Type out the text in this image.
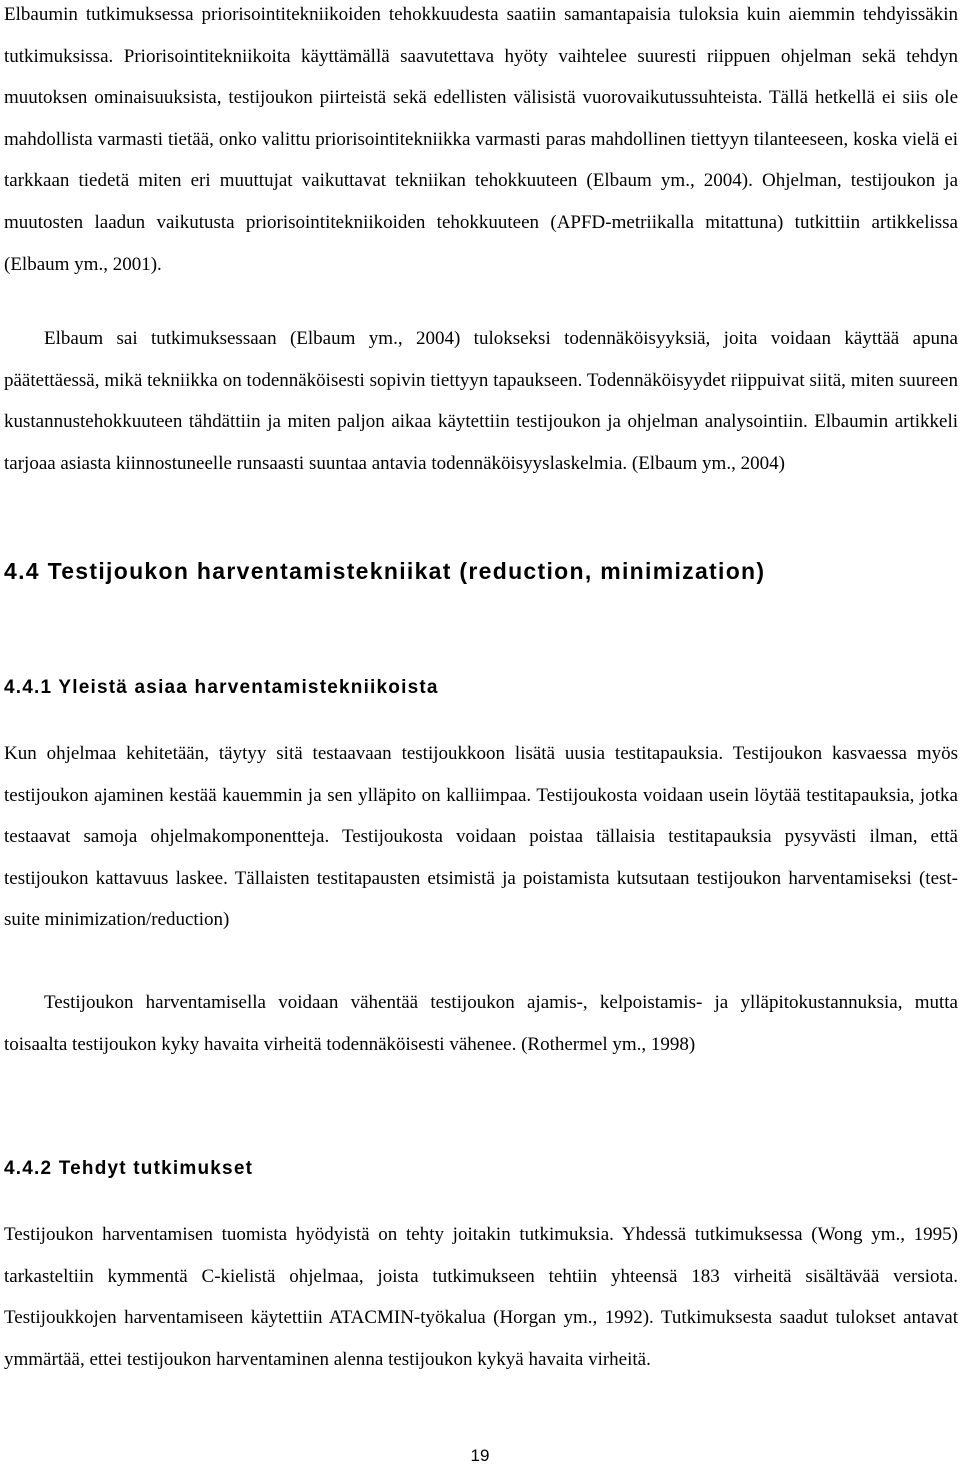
Elbaumin tutkimuksessa priorisointitekniikoiden tehokkuudesta saatiin samantapaisia tuloksia kuin aiemmin tehdyissäkin tutkimuksissa. Priorisointitekniikoita käyttämällä saavutettava hyöty vaihtelee suuresti riippuen ohjelman sekä tehdyn muutoksen ominaisuuksista, testijoukon piirteistä sekä edellisten välisistä vuorovaikutussuhteista. Tällä hetkellä ei siis ole mahdollista varmasti tietää, onko valittu priorisointitekniikka varmasti paras mahdollinen tiettyyn tilanteeseen, koska vielä ei tarkkaan tiedetä miten eri muuttujat vaikuttavat tekniikan tehokkuuteen (Elbaum ym., 2004). Ohjelman, testijoukon ja muutosten laadun vaikutusta priorisointitekniikoiden tehokkuuteen (APFD-metriikalla mitattuna) tutkittiin artikkelissa (Elbaum ym., 2001).

Elbaum sai tutkimuksessaan (Elbaum ym., 2004) tulokseksi todennäköisyyksiä, joita voidaan käyttää apuna päätettäessä, mikä tekniikka on todennäköisesti sopivin tiettyyn tapaukseen. Todennäköisyydet riippuivat siitä, miten suureen kustannustehokkuuteen tähdättiin ja miten paljon aikaa käytettiin testijoukon ja ohjelman analysointiin. Elbaumin artikkeli tarjoaa asiasta kiinnostuneelle runsaasti suuntaa antavia todennäköisyyslaskelmia. (Elbaum ym., 2004)

4.4 Testijoukon harventamistekniikat (reduction, minimization)
4.4.1 Yleistä asiaa harventamistekniikoista

Kun ohjelmaa kehitetään, täytyy sitä testaavaan testijoukkoon lisätä uusia testitapauksia. Testijoukon kasvaessa myös testijoukon ajaminen kestää kauemmin ja sen ylläpito on kalliimpaa. Testijoukosta voidaan usein löytää testitapauksia, jotka testaavat samoja ohjelmakomponentteja. Testijoukosta voidaan poistaa tällaisia testitapauksia pysyvästi ilman, että testijoukon kattavuus laskee. Tällaisten testitapausten etsimistä ja poistamista kutsutaan testijoukon harventamiseksi (test-suite minimization/reduction)

Testijoukon harventamisella voidaan vähentää testijoukon ajamis-, kelpoistamis- ja ylläpitokustannuksia, mutta toisaalta testijoukon kyky havaita virheitä todennäköisesti vähenee. (Rothermel ym., 1998)

4.4.2 Tehdyt tutkimukset

Testijoukon harventamisen tuomista hyödyistä on tehty joitakin tutkimuksia. Yhdessä tutkimuksessa (Wong ym., 1995) tarkasteltiin kymmentä C-kielistä ohjelmaa, joista tutkimukseen tehtiin yhteensä 183 virheitä sisältävää versiota. Testijoukkojen harventamiseen käytettiin ATACMIN-työkalua (Horgan ym., 1992). Tutkimuksesta saadut tulokset antavat ymmärtää, ettei testijoukon harventaminen alenna testijoukon kykyä havaita virheitä.

19
